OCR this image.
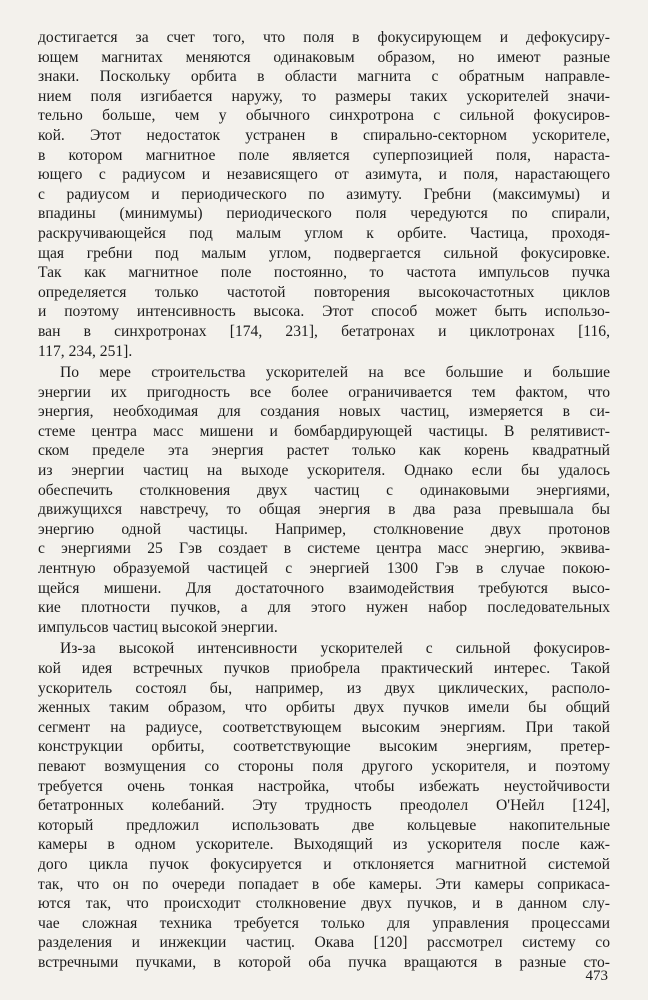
достигается за счет того, что поля в фокусирующем и дефокусиру-
ющем магнитах меняются одинаковым образом, но имеют разные
знаки. Поскольку орбита в области магнита с обратным направле-
нием поля изгибается наружу, то размеры таких ускорителей значи-
тельно больше, чем у обычного синхротрона с сильной фокусиров-
кой. Этот недостаток устранен в спирально-секторном ускорителе,
в котором магнитное поле является суперпозицией поля, нараста-
ющего с радиусом и независящего от азимута, и поля, нарастающего
с радиусом и периодического по азимуту. Гребни (максимумы) и
впадины (минимумы) периодического поля чередуются по спирали,
раскручивающейся под малым углом к орбите. Частица, проходя-
щая гребни под малым углом, подвергается сильной фокусировке.
Так как магнитное поле постоянно, то частота импульсов пучка
определяется только частотой повторения высокочастотных циклов
и поэтому интенсивность высока. Этот способ может быть использо-
ван в синхротронах [174, 231], бетатронах и циклотронах [116,
117, 234, 251].
По мере строительства ускорителей на все большие и большие
энергии их пригодность все более ограничивается тем фактом, что
энергия, необходимая для создания новых частиц, измеряется в си-
стеме центра масс мишени и бомбардирующей частицы. В релятивист-
ском пределе эта энергия растет только как корень квадратный
из энергии частиц на выходе ускорителя. Однако если бы удалось
обеспечить столкновения двух частиц с одинаковыми энергиями,
движущихся навстречу, то общая энергия в два раза превышала бы
энергию одной частицы. Например, столкновение двух протонов
с энергиями 25 Гэв создает в системе центра масс энергию, эквива-
лентную образуемой частицей с энергией 1300 Гэв в случае покою-
щейся мишени. Для достаточного взаимодействия требуются высо-
кие плотности пучков, а для этого нужен набор последовательных
импульсов частиц высокой энергии.
Из-за высокой интенсивности ускорителей с сильной фокусиров-
кой идея встречных пучков приобрела практический интерес. Такой
ускоритель состоял бы, например, из двух циклических, располо-
женных таким образом, что орбиты двух пучков имели бы общий
сегмент на радиусе, соответствующем высоким энергиям. При такой
конструкции орбиты, соответствующие высоким энергиям, претер-
певают возмущения со стороны поля другого ускорителя, и поэтому
требуется очень тонкая настройка, чтобы избежать неустойчивости
бетатронных колебаний. Эту трудность преодолел О'Нейл [124],
который предложил использовать две кольцевые накопительные
камеры в одном ускорителе. Выходящий из ускорителя после каж-
дого цикла пучок фокусируется и отклоняется магнитной системой
так, что он по очереди попадает в обе камеры. Эти камеры соприкаса-
ются так, что происходит столкновение двух пучков, и в данном слу-
чае сложная техника требуется только для управления процессами
разделения и инжекции частиц. Окава [120] рассмотрел систему со
встречными пучками, в которой оба пучка вращаются в разные сто-
473
